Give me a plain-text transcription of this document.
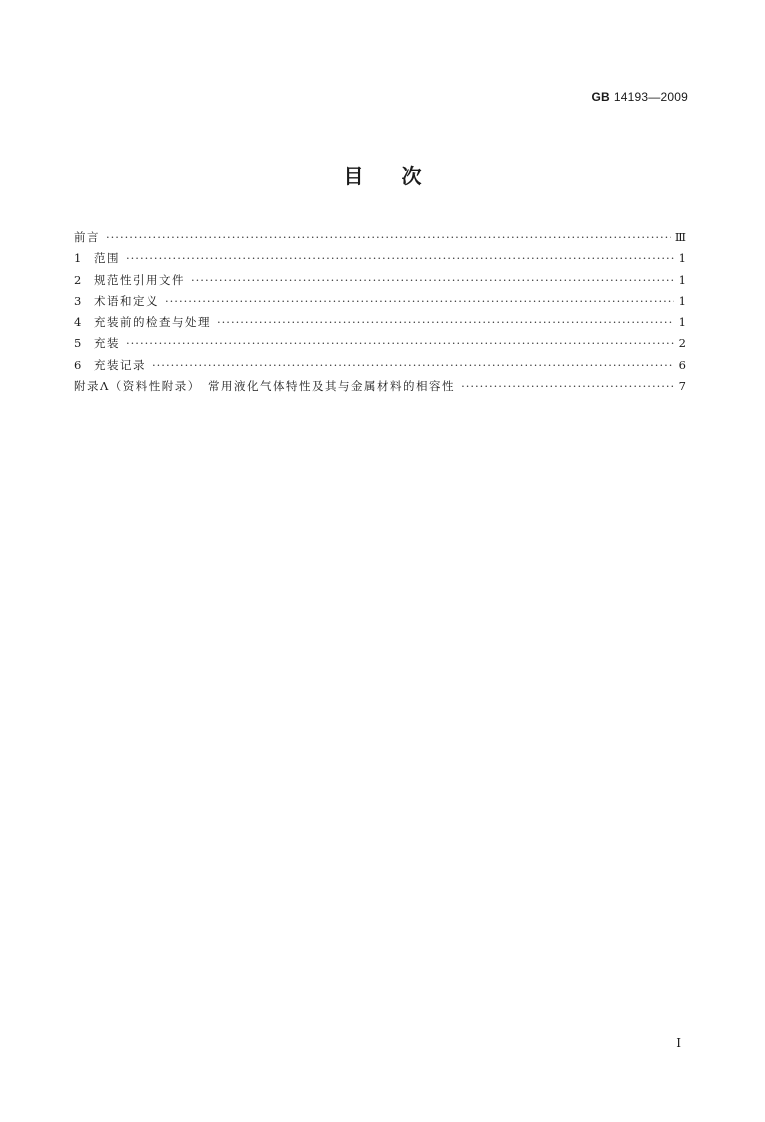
GB 14193—2009
目次
前言 ·····	Ⅲ
1 范围 ·····	1
2 规范性引用文件 ·····	1
3 术语和定义 ·····	1
4 充装前的检查与处理 ·····	1
5 充装 ·····	2
6 充装记录 ·····	6
附录Λ（资料性附录）　常用液化气体特性及其与金属材料的相容性 ·····	7
Ⅰ
